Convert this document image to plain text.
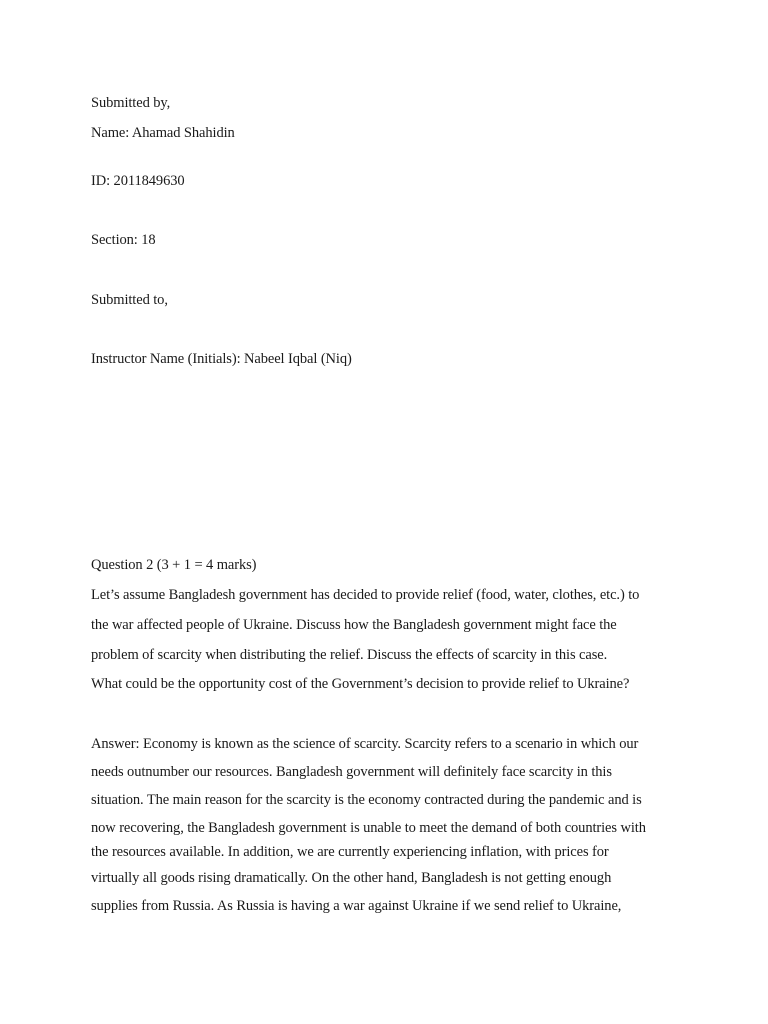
Submitted by,
Name: Ahamad Shahidin
ID: 2011849630
Section: 18
Submitted to,
Instructor Name (Initials): Nabeel Iqbal (Niq)
Question 2 (3 + 1 = 4 marks)
Let’s assume Bangladesh government has decided to provide relief (food, water, clothes, etc.) to
the war affected people of Ukraine. Discuss how the Bangladesh government might face the
problem of scarcity when distributing the relief. Discuss the effects of scarcity in this case.
What could be the opportunity cost of the Government’s decision to provide relief to Ukraine?
Answer: Economy is known as the science of scarcity. Scarcity refers to a scenario in which our
needs outnumber our resources. Bangladesh government will definitely face scarcity in this
situation. The main reason for the scarcity is the economy contracted during the pandemic and is
now recovering, the Bangladesh government is unable to meet the demand of both countries with
the resources available. In addition, we are currently experiencing inflation, with prices for
virtually all goods rising dramatically. On the other hand, Bangladesh is not getting enough
supplies from Russia. As Russia is having a war against Ukraine if we send relief to Ukraine,
